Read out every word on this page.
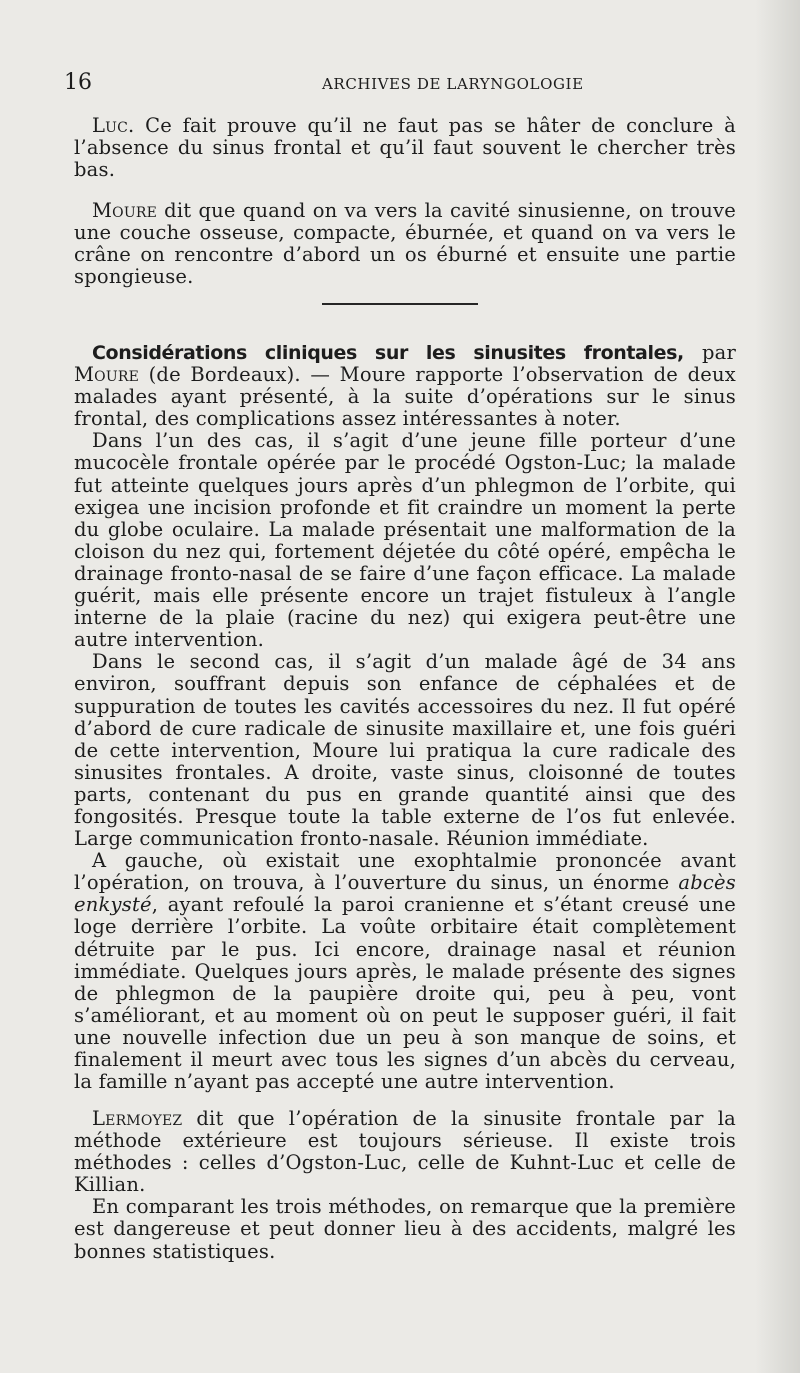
16	ARCHIVES DE LARYNGOLOGIE

Luc. Ce fait prouve qu’il ne faut pas se hâter de conclure à l’absence du sinus frontal et qu’il faut souvent le chercher très bas.

Moure dit que quand on va vers la cavité sinusienne, on trouve une couche osseuse, compacte, éburnée, et quand on va vers le crâne on rencontre d’abord un os éburné et ensuite une partie spongieuse.

Considérations cliniques sur les sinusites frontales, par Moure (de Bordeaux). — Moure rapporte l’observation de deux malades ayant présenté, à la suite d’opérations sur le sinus frontal, des complications assez intéressantes à noter.

Dans l’un des cas, il s’agit d’une jeune fille porteur d’une mucocèle frontale opérée par le procédé Ogston-Luc; la malade fut atteinte quelques jours après d’un phlegmon de l’orbite, qui exigea une incision profonde et fit craindre un moment la perte du globe oculaire. La malade présentait une malformation de la cloison du nez qui, fortement déjetée du côté opéré, empêcha le drainage fronto-nasal de se faire d’une façon efficace. La malade guérit, mais elle présente encore un trajet fistuleux à l’angle interne de la plaie (racine du nez) qui exigera peut-être une autre intervention.

Dans le second cas, il s’agit d’un malade âgé de 34 ans environ, souffrant depuis son enfance de céphalées et de suppuration de toutes les cavités accessoires du nez. Il fut opéré d’abord de cure radicale de sinusite maxillaire et, une fois guéri de cette intervention, Moure lui pratiqua la cure radicale des sinusites frontales. A droite, vaste sinus, cloisonné de toutes parts, contenant du pus en grande quantité ainsi que des fongosités. Presque toute la table externe de l’os fut enlevée. Large communication fronto-nasale. Réunion immédiate.

A gauche, où existait une exophtalmie prononcée avant l’opération, on trouva, à l’ouverture du sinus, un énorme abcès enkysté, ayant refoulé la paroi cranienne et s’étant creusé une loge derrière l’orbite. La voûte orbitaire était complètement détruite par le pus. Ici encore, drainage nasal et réunion immédiate. Quelques jours après, le malade présente des signes de phlegmon de la paupière droite qui, peu à peu, vont s’améliorant, et au moment où on peut le supposer guéri, il fait une nouvelle infection due un peu à son manque de soins, et finalement il meurt avec tous les signes d’un abcès du cerveau, la famille n’ayant pas accepté une autre intervention.

Lermoyez dit que l’opération de la sinusite frontale par la méthode extérieure est toujours sérieuse. Il existe trois méthodes : celles d’Ogston-Luc, celle de Kuhnt-Luc et celle de Killian.

En comparant les trois méthodes, on remarque que la première est dangereuse et peut donner lieu à des accidents, malgré les bonnes statistiques.
